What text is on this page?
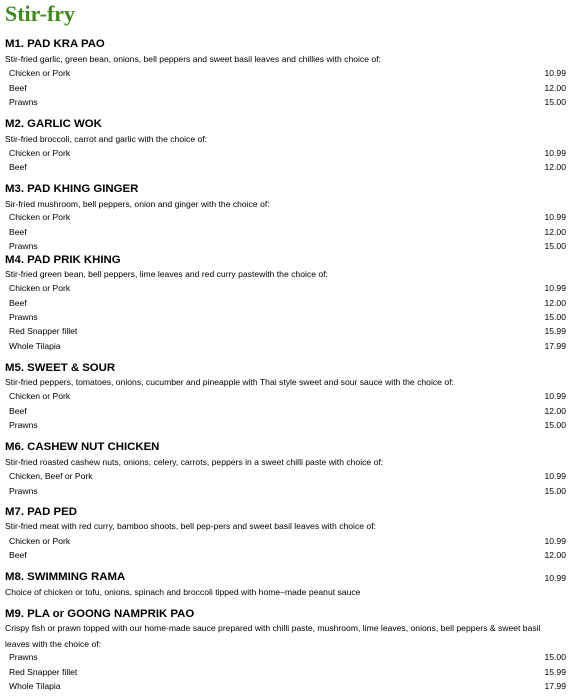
Stir-fry
M1. PAD KRA PAO
Stir-fried garlic, green bean, onions, bell peppers and sweet basil leaves and chillies with choice of:
Chicken or Pork	10.99
Beef	12.00
Prawns	15.00
M2. GARLIC WOK
Stir-fried broccoli, carrot and garlic with the choice of:
Chicken or Pork	10.99
Beef	12.00
M3. PAD KHING GINGER
Sir-fried mushroom, bell peppers, onion and ginger with the choice of:
Chicken or Pork	10.99
Beef	12.00
Prawns	15.00
M4. PAD PRIK KHING
Stir-fried green bean, bell peppers, lime leaves and red curry pastewith the choice of:
Chicken or Pork	10.99
Beef	12.00
Prawns	15.00
Red Snapper fillet	15.99
Whole Tilapia	17.99
M5. SWEET & SOUR
Stir-fried peppers, tomatoes, onions, cucumber and pineapple with Thai style sweet and sour sauce with the choice of:
Chicken or Pork	10.99
Beef	12.00
Prawns	15.00
M6. CASHEW NUT CHICKEN
Stir-fried roasted cashew nuts, onions, celery, carrots, peppers in a sweet chilli paste with choice of:
Chicken, Beef or Pork	10.99
Prawns	15.00
M7. PAD PED
Stir-fried meat with red curry, bamboo shoots, bell pep-pers and sweet basil leaves with choice of:
Chicken or Pork	10.99
Beef	12.00
M8. SWIMMING RAMA	10.99
Choice of chicken or tofu, onions, spinach and broccoli tipped with home–made peanut sauce
M9. PLA or GOONG NAMPRIK PAO
Crispy fish or prawn topped with our home-made sauce prepared with chilli paste, mushroom, lime leaves, onions, bell peppers & sweet basil leaves with the choice of:
Prawns	15.00
Red Snapper fillet	15.99
Whole Tilapia	17.99
